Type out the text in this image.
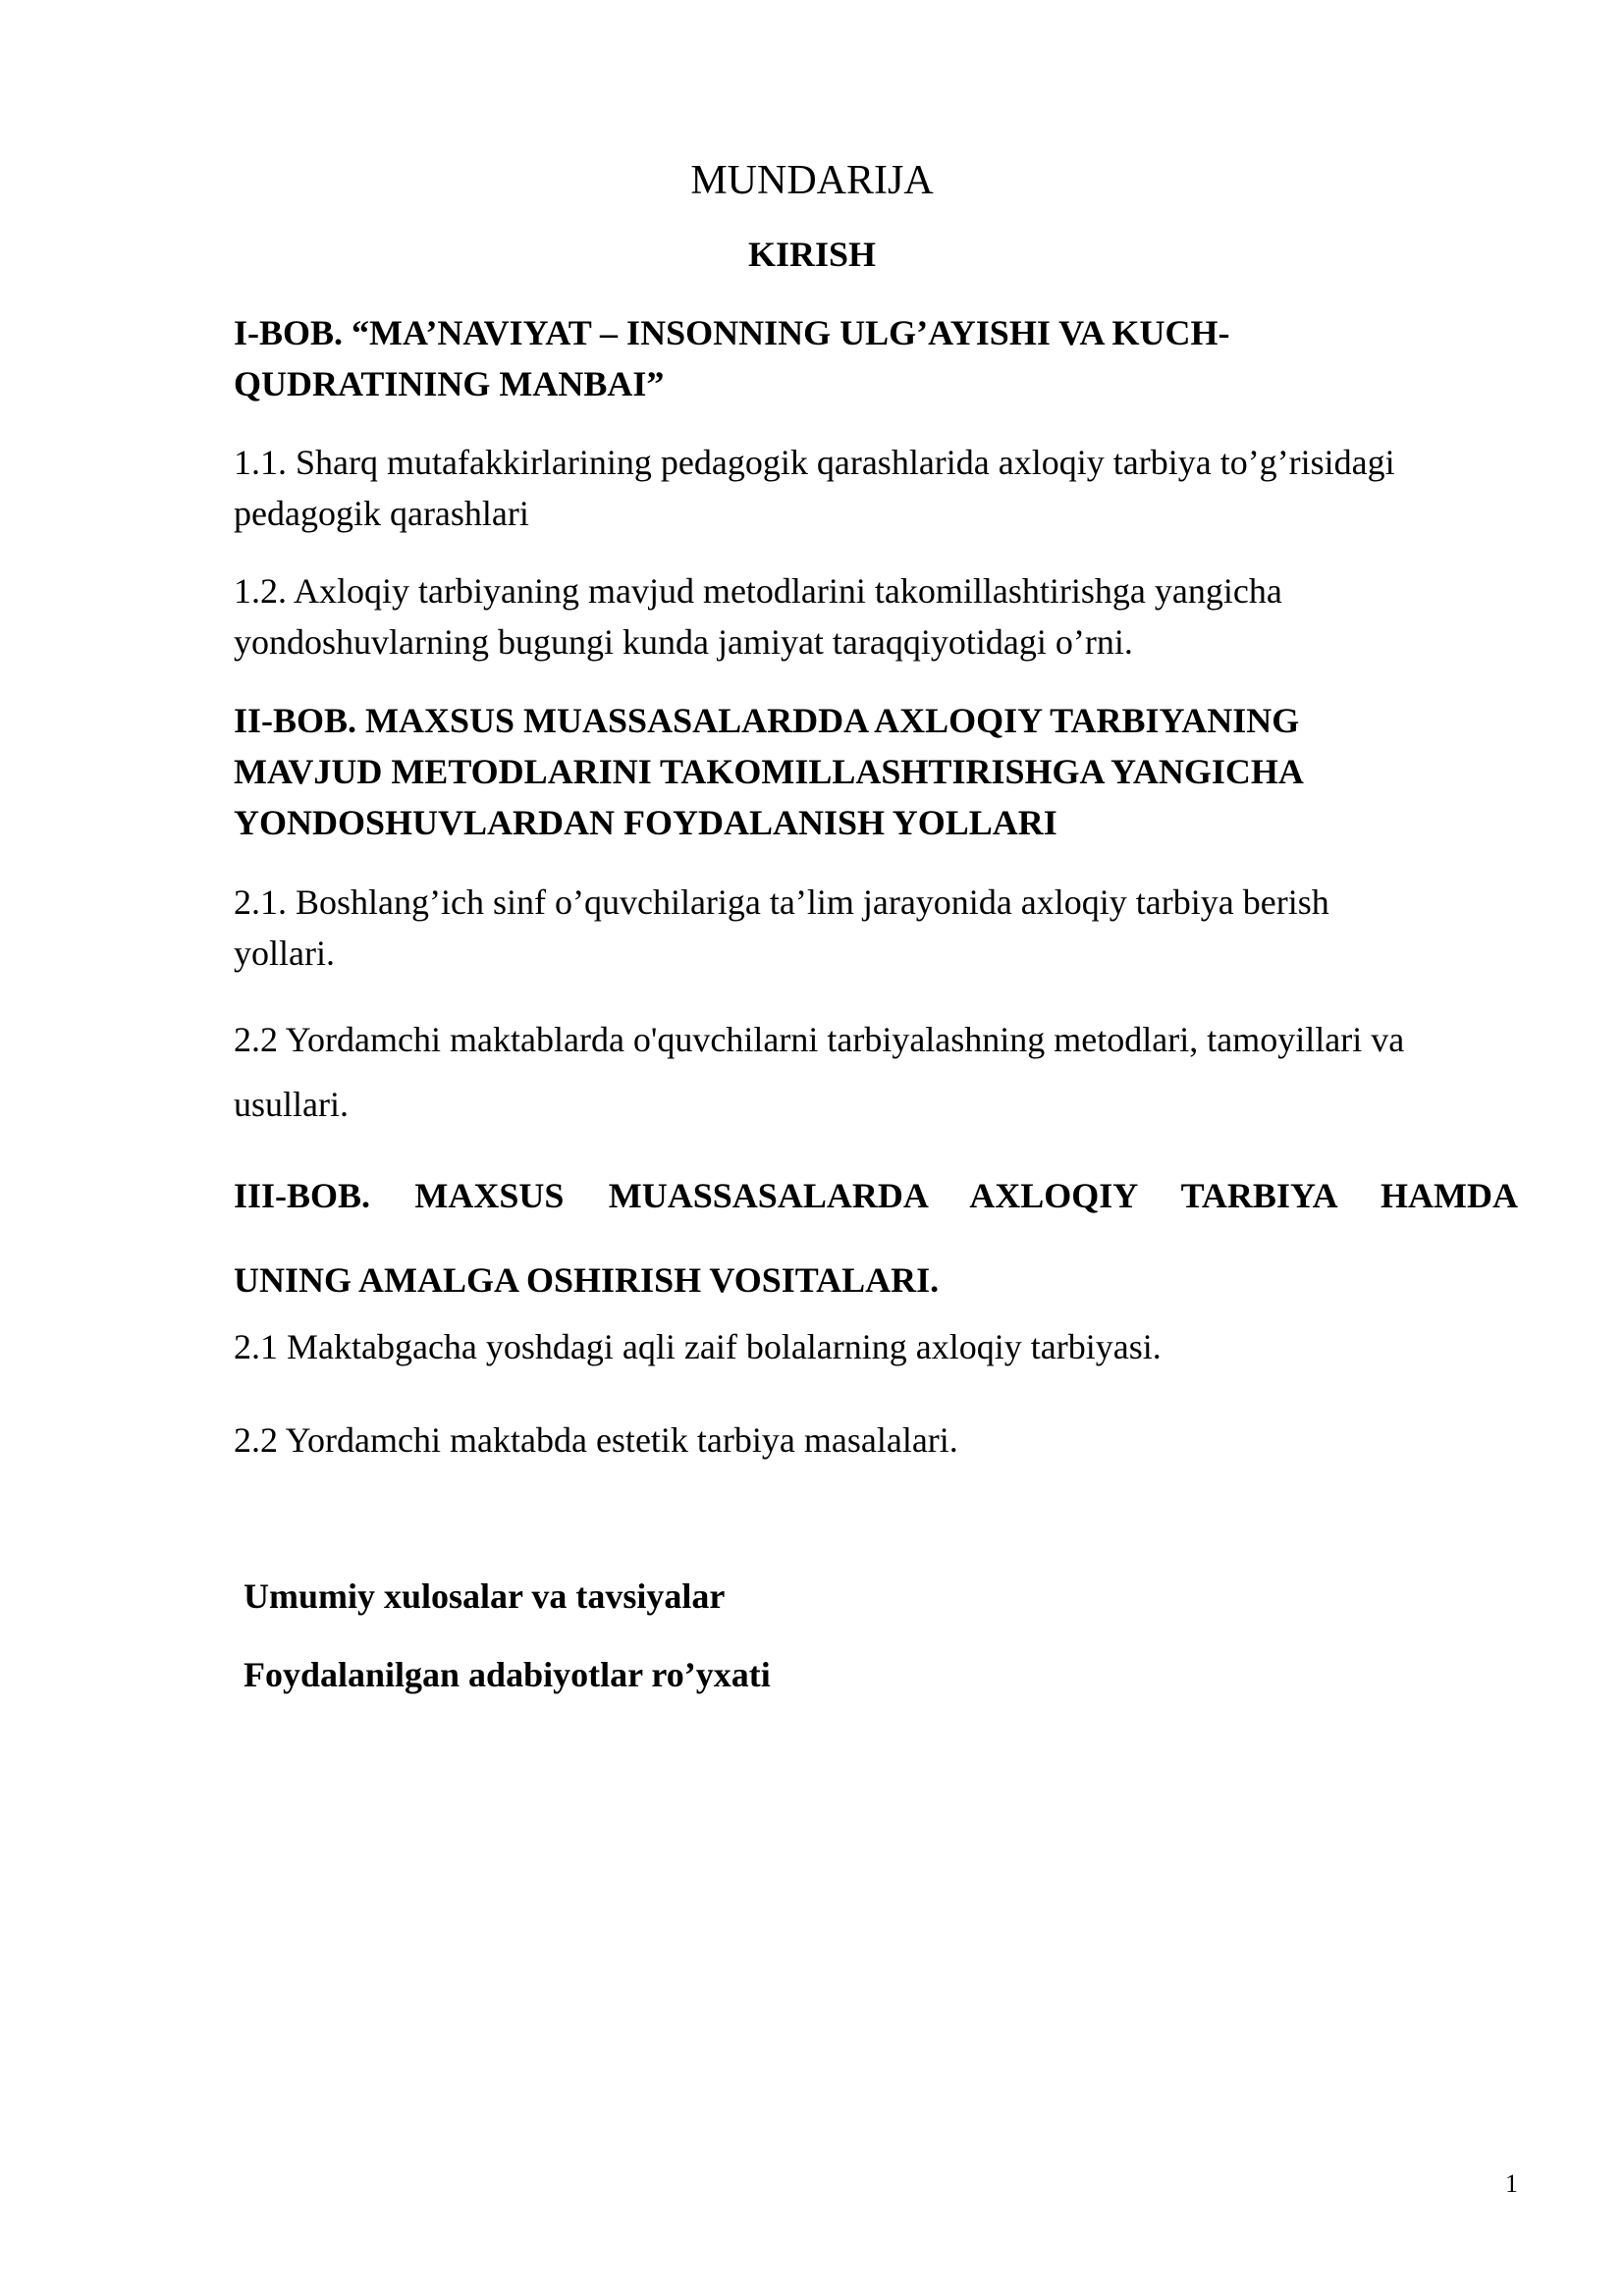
MUNDARIJA

KIRISH

I-BOB. “MA’NAVIYAT – INSONNING ULG’AYISHI VA KUCH-
QUDRATINING MANBAI”
1.1. Sharq mutafakkirlarining pedagogik qarashlarida axloqiy tarbiya to’g’risidagi
pedagogik qarashlari
1.2. Axloqiy tarbiyaning mavjud metodlarini takomillashtirishga yangicha
yondoshuvlarning bugungi kunda jamiyat taraqqiyotidagi o’rni.
II-BOB. MAXSUS MUASSASALARDDA AXLOQIY TARBIYANING
MAVJUD METODLARINI TAKOMILLASHTIRISHGA YANGICHA
YONDOSHUVLARDAN FOYDALANISH YOLLARI
2.1. Boshlang’ich sinf o’quvchilariga ta’lim jarayonida axloqiy tarbiya berish
yollari.
2.2 Yordamchi maktablarda o'quvchilarni tarbiyalashning metodlari, tamoyillari va
usullari.
III-BOB. MAXSUS MUASSASALARDA AXLOQIY TARBIYA HAMDA
UNING AMALGA OSHIRISH VOSITALARI.

2.1 Maktabgacha yoshdagi aqli zaif bolalarning axloqiy tarbiyasi.

2.2 Yordamchi maktabda estetik tarbiya masalalari.

Umumiy xulosalar va tavsiyalar

Foydalanilgan adabiyotlar ro’yxati

1
